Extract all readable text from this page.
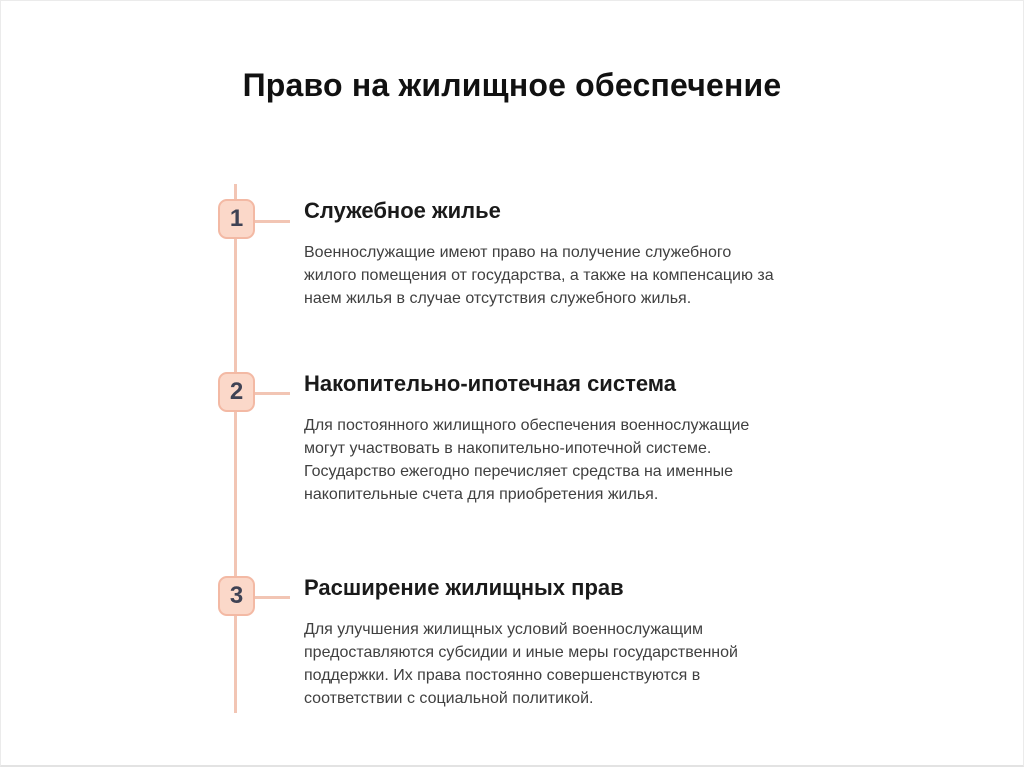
Право на жилищное обеспечение
1	Служебное жилье
Военнослужащие имеют право на получение служебного жилого помещения от государства, а также на компенсацию за наем жилья в случае отсутствия служебного жилья.
2	Накопительно-ипотечная система
Для постоянного жилищного обеспечения военнослужащие могут участвовать в накопительно-ипотечной системе. Государство ежегодно перечисляет средства на именные накопительные счета для приобретения жилья.
3	Расширение жилищных прав
Для улучшения жилищных условий военнослужащим предоставляются субсидии и иные меры государственной поддержки. Их права постоянно совершенствуются в соответствии с социальной политикой.
